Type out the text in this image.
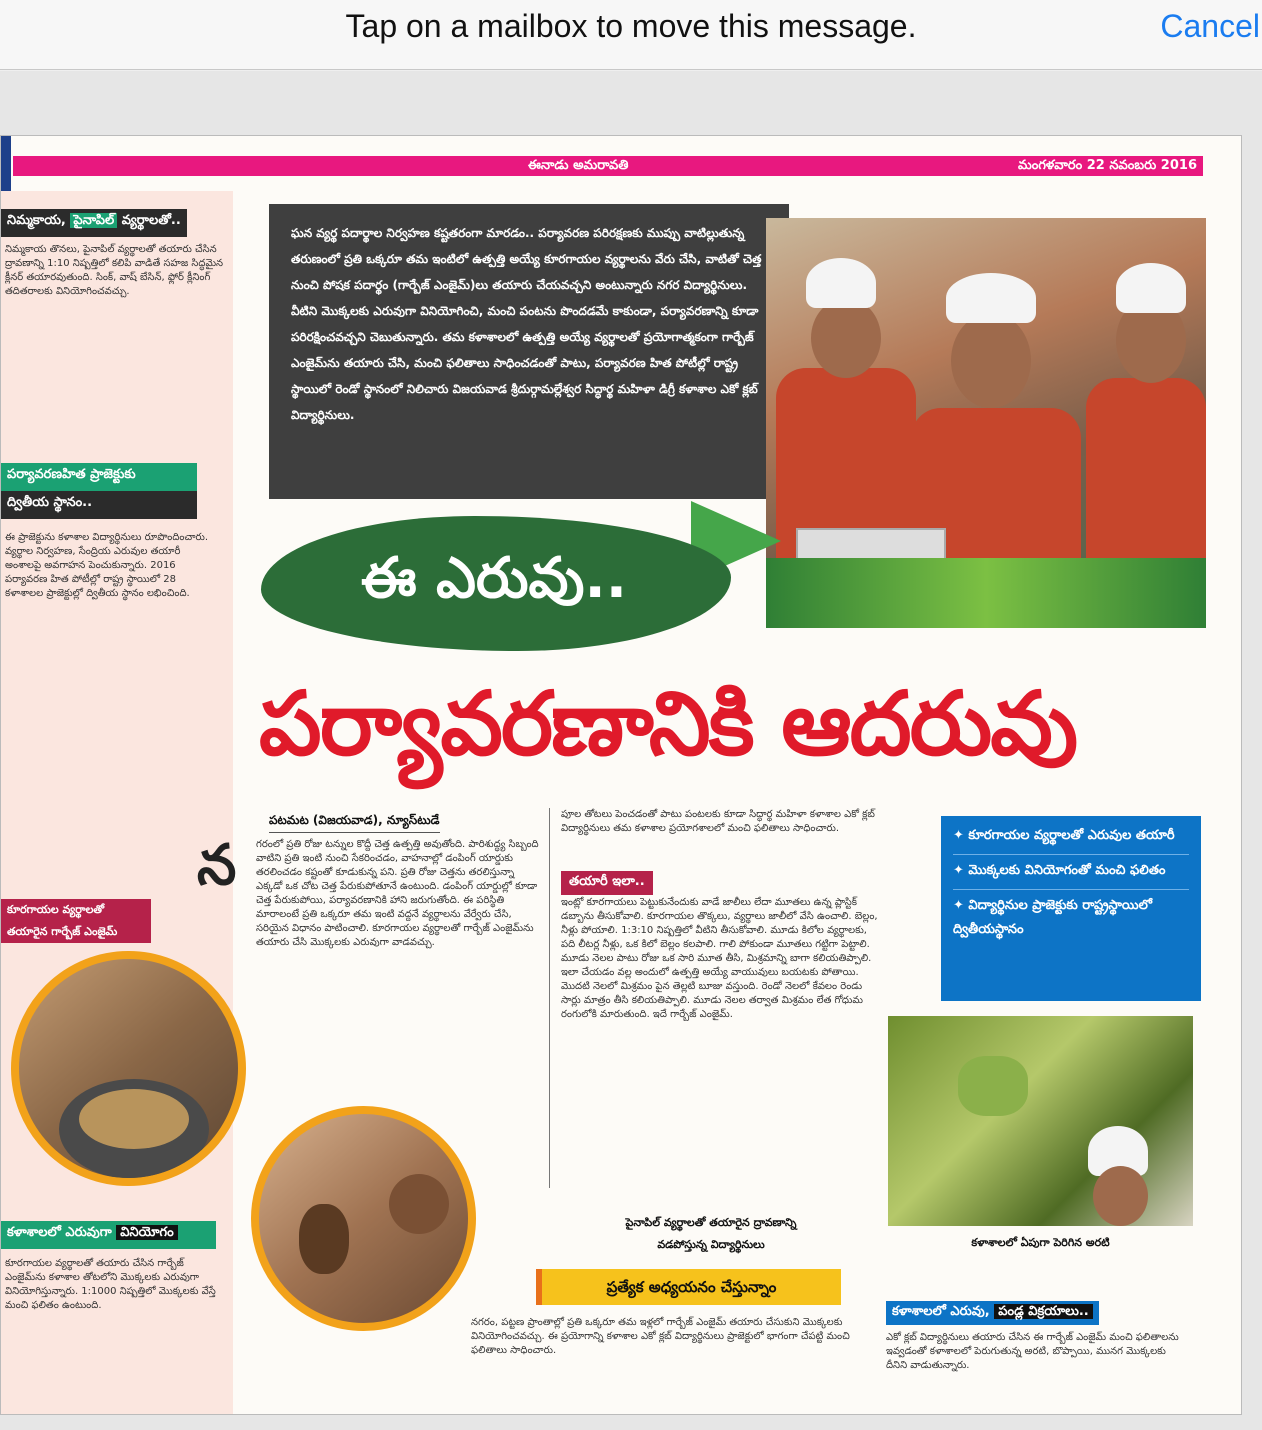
Tap on a mailbox to move this message.	Cancel
ఈనాడు అమరావతి	మంగళవారం 22 నవంబరు 2016
నిమ్మకాయ, పైనాపిల్ వ్యర్థాలతో..
నిమ్మకాయ తొనలు, పైనాపిల్ వ్యర్థాలతో తయారు చేసిన ద్రావణాన్ని 1:10 నిష్పత్తిలో కలిపి వాడితే సహజ సిద్ధమైన క్లీనర్ తయారవుతుంది. సింక్, వాష్ బేసిన్, ఫ్లోర్ క్లీనింగ్ తదితరాలకు వినియోగించవచ్చు.
పర్యావరణహిత ప్రాజెక్టుకు
ద్వితీయ స్థానం..
ఈ ప్రాజెక్టును కళాశాల విద్యార్థినులు రూపొందించారు. వ్యర్థాల నిర్వహణ, సేంద్రియ ఎరువుల తయారీ అంశాలపై అవగాహన పెంచుకున్నారు. 2016 పర్యావరణ హిత పోటీల్లో రాష్ట్ర స్థాయిలో 28 కళాశాలల ప్రాజెక్టుల్లో ద్వితీయ స్థానం లభించింది.
కూరగాయల వ్యర్థాలతో
తయారైన గార్బేజ్ ఎంజైమ్
కళాశాలలో ఎరువుగా వినియోగం
కూరగాయల వ్యర్థాలతో తయారు చేసిన గార్బేజ్ ఎంజైమ్‌ను కళాశాల తోటలోని మొక్కలకు ఎరువుగా వినియోగిస్తున్నారు. 1:1000 నిష్పత్తిలో మొక్కలకు వేస్తే మంచి ఫలితం ఉంటుంది.
ఘన వ్యర్థ పదార్థాల నిర్వహణ కష్టతరంగా మారడం.. పర్యావరణ పరిరక్షణకు ముప్పు వాటిల్లుతున్న తరుణంలో ప్రతి ఒక్కరూ తమ ఇంటిలో ఉత్పత్తి అయ్యే కూరగాయల వ్యర్థాలను వేరు చేసి, వాటితో చెత్త నుంచి పోషక పదార్థం (గార్బేజ్ ఎంజైమ్)లు తయారు చేయవచ్చని అంటున్నారు నగర విద్యార్థినులు. వీటిని మొక్కలకు ఎరువుగా వినియోగించి, మంచి పంటను పొందడమే కాకుండా, పర్యావరణాన్ని కూడా పరిరక్షించవచ్చని చెబుతున్నారు. తమ కళాశాలలో ఉత్పత్తి అయ్యే వ్యర్థాలతో ప్రయోగాత్మకంగా గార్బేజ్ ఎంజైమ్‌ను తయారు చేసి, మంచి ఫలితాలు సాధించడంతో పాటు, పర్యావరణ హిత పోటీల్లో రాష్ట్ర స్థాయిలో రెండో స్థానంలో నిలిచారు విజయవాడ శ్రీదుర్గామల్లేశ్వర సిద్ధార్థ మహిళా డిగ్రీ కళాశాల ఎకో క్లబ్ విద్యార్థినులు.
ఈ ఎరువు..
పర్యావరణానికి ఆదరువు
పటమట (విజయవాడ), న్యూస్‌టుడే
న గరంలో ప్రతి రోజు టన్నుల కొద్దీ చెత్త ఉత్పత్తి అవుతోంది. పారిశుద్ధ్య సిబ్బంది వాటిని ప్రతి ఇంటి నుంచి సేకరించడం, వాహనాల్లో డంపింగ్ యార్డుకు తరలించడం కష్టంతో కూడుకున్న పని. ప్రతి రోజు చెత్తను తరలిస్తున్నా ఎక్కడో ఒక చోట చెత్త పేరుకుపోతూనే ఉంటుంది. డంపింగ్ యార్డుల్లో కూడా చెత్త పేరుకుపోయి, పర్యావరణానికి హాని జరుగుతోంది. ఈ పరిస్థితి మారాలంటే ప్రతి ఒక్కరూ తమ ఇంటి వద్దనే వ్యర్థాలను వేర్వేరు చేసి, సరియైన విధానం పాటించాలి. కూరగాయల వ్యర్థాలతో గార్బేజ్ ఎంజైమ్‌ను తయారు చేసి మొక్కలకు ఎరువుగా వాడవచ్చు.
పూల తోటలు పెంచడంతో పాటు పంటలకు కూడా సిద్ధార్థ మహిళా కళాశాల ఎకో క్లబ్ విద్యార్థినులు తమ కళాశాల ప్రయోగశాలలో మంచి ఫలితాలు సాధించారు.
తయారీ ఇలా..
ఇంట్లో కూరగాయలు పెట్టుకునేందుకు వాడే జాలీలు లేదా మూతలు ఉన్న ప్లాస్టిక్ డబ్బాను తీసుకోవాలి. కూరగాయల తొక్కలు, వ్యర్థాలు జాలీలో వేసి ఉంచాలి. బెల్లం, నీళ్లు పోయాలి. 1:3:10 నిష్పత్తిలో వీటిని తీసుకోవాలి. మూడు కిలోల వ్యర్థాలకు, పది లీటర్ల నీళ్లు, ఒక కిలో బెల్లం కలపాలి. గాలి పోకుండా మూతలు గట్టిగా పెట్టాలి. మూడు నెలల పాటు రోజు ఒక సారి మూత తీసి, మిశ్రమాన్ని బాగా కలియతిప్పాలి. ఇలా చేయడం వల్ల అందులో ఉత్పత్తి అయ్యే వాయువులు బయటకు పోతాయి. మొదటి నెలలో మిశ్రమం పైన తెల్లటి బూజు వస్తుంది. రెండో నెలలో కేవలం రెండు సార్లు మాత్రం తీసి కలియతిప్పాలి. మూడు నెలల తర్వాత మిశ్రమం లేత గోధుమ రంగులోకి మారుతుంది. ఇదే గార్బేజ్ ఎంజైమ్.
✦ కూరగాయల వ్యర్థాలతో ఎరువుల తయారీ
✦ మొక్కలకు వినియోగంతో మంచి ఫలితం
✦ విద్యార్థినుల ప్రాజెక్టుకు రాష్ట్రస్థాయిలో ద్వితీయస్థానం
కళాశాలలో ఏపుగా పెరిగిన అరటి
పైనాపిల్ వ్యర్థాలతో తయారైన ద్రావణాన్ని
వడపోస్తున్న విద్యార్థినులు
ప్రత్యేక అధ్యయనం చేస్తున్నాం
నగరం, పట్టణ ప్రాంతాల్లో ప్రతి ఒక్కరూ తమ ఇళ్లలో గార్బేజ్ ఎంజైమ్ తయారు చేసుకుని మొక్కలకు వినియోగించవచ్చు. ఈ ప్రయోగాన్ని కళాశాల ఎకో క్లబ్ విద్యార్థినులు ప్రాజెక్టులో భాగంగా చేపట్టి మంచి ఫలితాలు సాధించారు.
కళాశాలలో ఎరువు, పండ్ల విక్రయాలు..
ఎకో క్లబ్ విద్యార్థినులు తయారు చేసిన ఈ గార్బేజ్ ఎంజైమ్ మంచి ఫలితాలను ఇవ్వడంతో కళాశాలలో పెరుగుతున్న అరటి, బొప్పాయి, మునగ మొక్కలకు దీనిని వాడుతున్నారు.
